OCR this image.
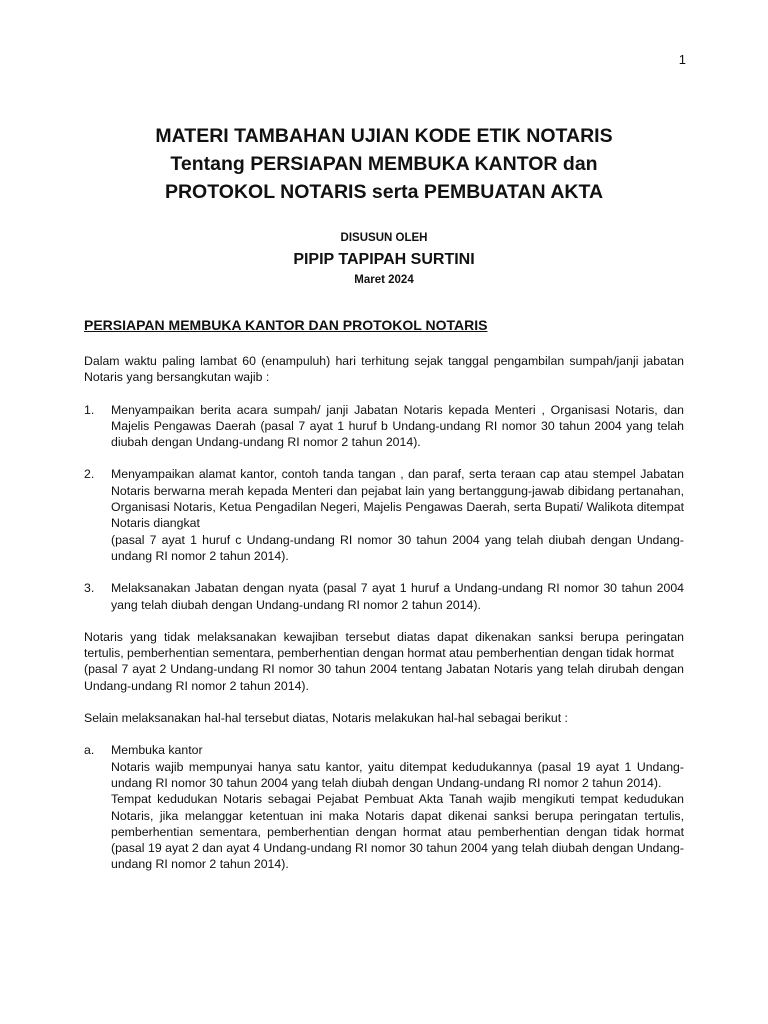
1
MATERI TAMBAHAN UJIAN KODE ETIK NOTARIS
Tentang PERSIAPAN MEMBUKA KANTOR dan
PROTOKOL NOTARIS serta PEMBUATAN AKTA
DISUSUN OLEH
PIPIP TAPIPAH SURTINI
Maret 2024
PERSIAPAN MEMBUKA KANTOR DAN PROTOKOL NOTARIS
Dalam waktu paling lambat 60 (enampuluh) hari terhitung sejak tanggal pengambilan sumpah/janji jabatan Notaris yang bersangkutan wajib :
1. Menyampaikan berita acara sumpah/ janji Jabatan Notaris kepada Menteri , Organisasi Notaris, dan Majelis Pengawas Daerah (pasal 7 ayat 1 huruf b Undang-undang RI nomor 30 tahun 2004 yang telah diubah dengan Undang-undang RI nomor 2 tahun 2014).
2. Menyampaikan alamat kantor, contoh tanda tangan , dan paraf, serta teraan cap atau stempel Jabatan Notaris berwarna merah kepada Menteri dan pejabat lain yang bertanggung-jawab dibidang pertanahan, Organisasi Notaris, Ketua Pengadilan Negeri, Majelis Pengawas Daerah, serta Bupati/ Walikota ditempat Notaris diangkat
(pasal 7 ayat 1 huruf c Undang-undang RI nomor 30 tahun 2004 yang telah diubah dengan Undang-undang RI nomor 2 tahun 2014).
3. Melaksanakan Jabatan dengan nyata (pasal 7 ayat 1 huruf a Undang-undang RI nomor 30 tahun 2004 yang telah diubah dengan Undang-undang RI nomor 2 tahun 2014).
Notaris yang tidak melaksanakan kewajiban tersebut diatas dapat dikenakan sanksi berupa peringatan tertulis, pemberhentian sementara, pemberhentian dengan hormat atau pemberhentian dengan tidak hormat
(pasal 7 ayat 2 Undang-undang RI nomor 30 tahun 2004 tentang Jabatan Notaris yang telah dirubah dengan Undang-undang RI nomor 2 tahun 2014).
Selain melaksanakan hal-hal tersebut diatas, Notaris melakukan hal-hal sebagai berikut :
a. Membuka kantor
Notaris wajib mempunyai hanya satu kantor, yaitu ditempat kedudukannya (pasal 19 ayat 1 Undang-undang RI nomor 30 tahun 2004 yang telah diubah dengan Undang-undang RI nomor 2 tahun 2014).
Tempat kedudukan Notaris sebagai Pejabat Pembuat Akta Tanah wajib mengikuti tempat kedudukan Notaris, jika melanggar ketentuan ini maka Notaris dapat dikenai sanksi berupa peringatan tertulis, pemberhentian sementara, pemberhentian dengan hormat atau pemberhentian dengan tidak hormat (pasal 19 ayat 2 dan ayat 4 Undang-undang RI nomor 30 tahun 2004 yang telah diubah dengan Undang-undang RI nomor 2 tahun 2014).
